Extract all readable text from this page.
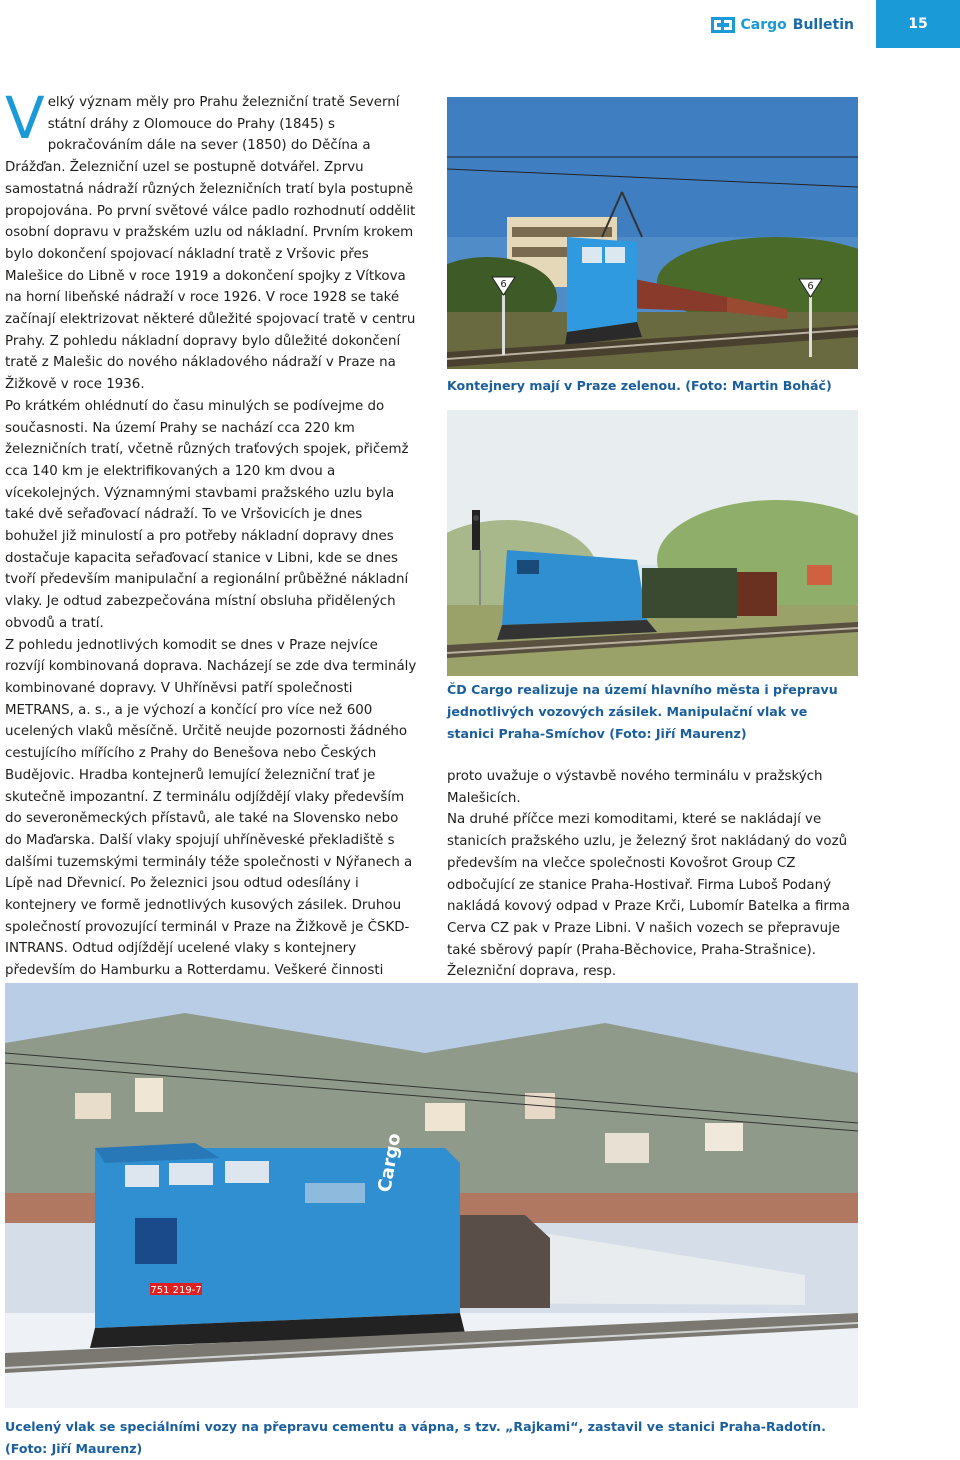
Cargo Bulletin	15

Velký význam měly pro Prahu železniční tratě Severní státní dráhy z Olomouce do Prahy (1845) s pokračováním dále na sever (1850) do Děčína a Drážďan. Železniční uzel se postupně dotvářel. Zprvu samostatná nádraží různých železničních tratí byla postupně propojována. Po první světové válce padlo rozhodnutí oddělit osobní dopravu v pražském uzlu od nákladní. Prvním krokem bylo dokončení spojovací nákladní tratě z Vršovic přes Malešice do Libně v roce 1919 a dokončení spojky z Vítkova na horní libeňské nádraží v roce 1926. V roce 1928 se také začínají elektrizovat některé důležité spojovací tratě v centru Prahy. Z pohledu nákladní dopravy bylo důležité dokončení tratě z Malešic do nového nákladového nádraží v Praze na Žižkově v roce 1936.

Po krátkém ohlédnutí do času minulých se podívejme do současnosti. Na území Prahy se nachází cca 220 km železničních tratí, včetně různých traťových spojek, přičemž cca 140 km je elektrifikovaných a 120 km dvou a vícekolejných. Významnými stavbami pražského uzlu byla také dvě seřaďovací nádraží. To ve Vršovicích je dnes bohužel již minulostí a pro potřeby nákladní dopravy dnes dostačuje kapacita seřaďovací stanice v Libni, kde se dnes tvoří především manipulační a regionální průběžné nákladní vlaky. Je odtud zabezpečována místní obsluha přidělených obvodů a tratí.

Z pohledu jednotlivých komodit se dnes v Praze nejvíce rozvíjí kombinovaná doprava. Nacházejí se zde dva terminály kombinované dopravy. V Uhříněvsi patří společnosti METRANS, a. s., a je výchozí a končící pro více než 600 ucelených vlaků měsíčně. Určitě neujde pozornosti žádného cestujícího mířícího z Prahy do Benešova nebo Českých Budějovic. Hradba kontejnerů lemující železniční trať je skutečně impozantní. Z terminálu odjíždějí vlaky především do severoněmeckých přístavů, ale také na Slovensko nebo do Maďarska. Další vlaky spojují uhříněveské překladiště s dalšími tuzemskými terminály téže společnosti v Nýřanech a Lípě nad Dřevnicí. Po železnici jsou odtud odesílány i kontejnery ve formě jednotlivých kusových zásilek. Druhou společností provozující terminál v Praze na Žižkově je ČSKD-INTRANS. Odtud odjíždějí ucelené vlaky s kontejnery především do Hamburku a Rotterdamu. Veškeré činnosti

6	6
Kontejnery mají v Praze zelenou. (Foto: Martin Boháč)
ČD Cargo realizuje na území hlavního města i přepravu jednotlivých vozových zásilek. Manipulační vlak ve stanici Praha-Smíchov (Foto: Jiří Maurenz)

proto uvažuje o výstavbě nového terminálu v pražských Malešicích.

Na druhé příčce mezi komoditami, které se nakládají ve stanicích pražského uzlu, je železný šrot nakládaný do vozů především na vlečce společnosti Kovošrot Group CZ odbočující ze stanice Praha-Hostivař. Firma Luboš Podaný nakládá kovový odpad v Praze Krči, Lubomír Batelka a firma Cerva CZ pak v Praze Libni. V našich vozech se přepravuje také sběrový papír (Praha-Běchovice, Praha-Strašnice). Železniční doprava, resp.

751 219-7
Cargo
Ucelený vlak se speciálními vozy na přepravu cementu a vápna, s tzv. „Rajkami“, zastavil ve stanici Praha-Radotín. (Foto: Jiří Maurenz)
